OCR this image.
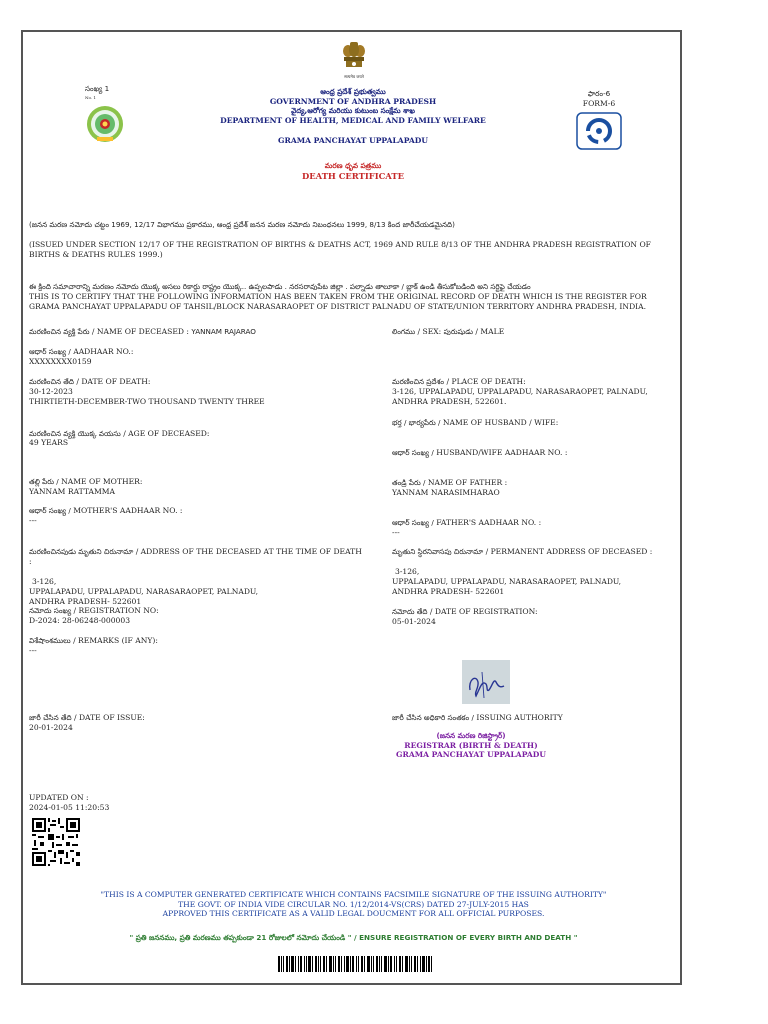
सत्यमेव जयते
సంఖ్య 1
No. 1
ఆంధ్ర ప్రదేశ్ ప్రభుత్వము
GOVERNMENT OF ANDHRA PRADESH
వైద్య,ఆరోగ్య మరియు కుటుంబ సంక్షేమ శాఖ
DEPARTMENT OF HEALTH, MEDICAL AND FAMILY WELFARE
GRAMA PANCHAYAT UPPALAPADU
మరణ ధృవ పత్రము
DEATH CERTIFICATE
ఫారం-6
FORM-6
(జనన మరణ నమోదు చట్టం 1969, 12/17 విభాగము ప్రకారము, ఆంధ్ర ప్రదేశ్ జనన మరణ నమోదు నిబంధనలు 1999, 8/13 కింద జారీచేయడమైనది)
(ISSUED UNDER SECTION 12/17 OF THE REGISTRATION OF BIRTHS & DEATHS ACT, 1969 AND RULE 8/13 OF THE ANDHRA PRADESH REGISTRATION OF BIRTHS & DEATHS RULES 1999.)
ఈ క్రింది సమాచారాన్ని మరణం నమోదు యొక్క అసలు రికార్డు రాష్ట్రం యొక్క.. ఉప్పలపాడు . నరసరావుపేట జిల్లా . పల్నాడు తాలూకా / బ్లాక్ ఉండి తీసుకోబడింది అని సర్టిఫై చేయడం
THIS IS TO CERTIFY THAT THE FOLLOWING INFORMATION HAS BEEN TAKEN FROM THE ORIGINAL RECORD OF DEATH WHICH IS THE REGISTER FOR GRAMA PANCHAYAT UPPALAPADU OF TAHSIL/BLOCK NARASARAOPET OF DISTRICT PALNADU OF STATE/UNION TERRITORY ANDHRA PRADESH, INDIA.
మరణించిన వ్యక్తి పేరు / NAME OF DECEASED : YANNAM RAJARAO	లింగము / SEX: పురుషుడు / MALE
ఆధార్ సంఖ్య / AADHAAR NO.:
XXXXXXXX0159
మరణించిన తేది / DATE OF DEATH:
30-12-2023
THIRTIETH-DECEMBER-TWO THOUSAND TWENTY THREE
మరణించిన ప్రదేశం / PLACE OF DEATH:
3-126, UPPALAPADU, UPPALAPADU, NARASARAOPET, PALNADU,
ANDHRA PRADESH, 522601.
భర్త / భార్యపేరు / NAME OF HUSBAND / WIFE:
మరణించిన వ్యక్తి యొక్క వయసు / AGE OF DECEASED:
49 YEARS
ఆధార్ సంఖ్య / HUSBAND/WIFE AADHAAR NO. :
తల్లి పేరు / NAME OF MOTHER:
YANNAM RATTAMMA
తండ్రి పేరు / NAME OF FATHER :
YANNAM NARASIMHARAO
ఆధార్ సంఖ్య / MOTHER'S AADHAAR NO. :
---	ఆధార్ సంఖ్య / FATHER'S AADHAAR NO. :
---
మరణించినపుడు మృతుని చిరునామా / ADDRESS OF THE DECEASED AT THE TIME OF DEATH
:
3-126,
UPPALAPADU, UPPALAPADU, NARASARAOPET, PALNADU,
ANDHRA PRADESH- 522601
మృతుని స్థిరనివాసపు చిరునామా / PERMANENT ADDRESS OF DECEASED :
3-126,
UPPALAPADU, UPPALAPADU, NARASARAOPET, PALNADU,
ANDHRA PRADESH- 522601
నమోదు సంఖ్య / REGISTRATION NO:
D-2024: 28-06248-000003
నమోదు తేది / DATE OF REGISTRATION:
05-01-2024
విశేషాంశములు / REMARKS (IF ANY):
---
జారీ చేసిన తేది / DATE OF ISSUE:
20-01-2024
జారీ చేసిన అధికారి సంతకం / ISSUING AUTHORITY
(జనన మరణ రిజిస్ట్రార్)
REGISTRAR (BIRTH & DEATH)
GRAMA PANCHAYAT UPPALAPADU
UPDATED ON :
2024-01-05 11:20:53
"THIS IS A COMPUTER GENERATED CERTIFICATE WHICH CONTAINS FACSIMILE SIGNATURE OF THE ISSUING AUTHORITY"
THE GOVT. OF INDIA VIDE CIRCULAR NO. 1/12/2014-VS(CRS) DATED 27-JULY-2015 HAS
APPROVED THIS CERTIFICATE AS A VALID LEGAL DOUCMENT FOR ALL OFFICIAL PURPOSES.
" ప్రతి జననము, ప్రతి మరణము తప్పకుండా 21 రోజులలో నమోదు చేయండి " / ENSURE REGISTRATION OF EVERY BIRTH AND DEATH "
